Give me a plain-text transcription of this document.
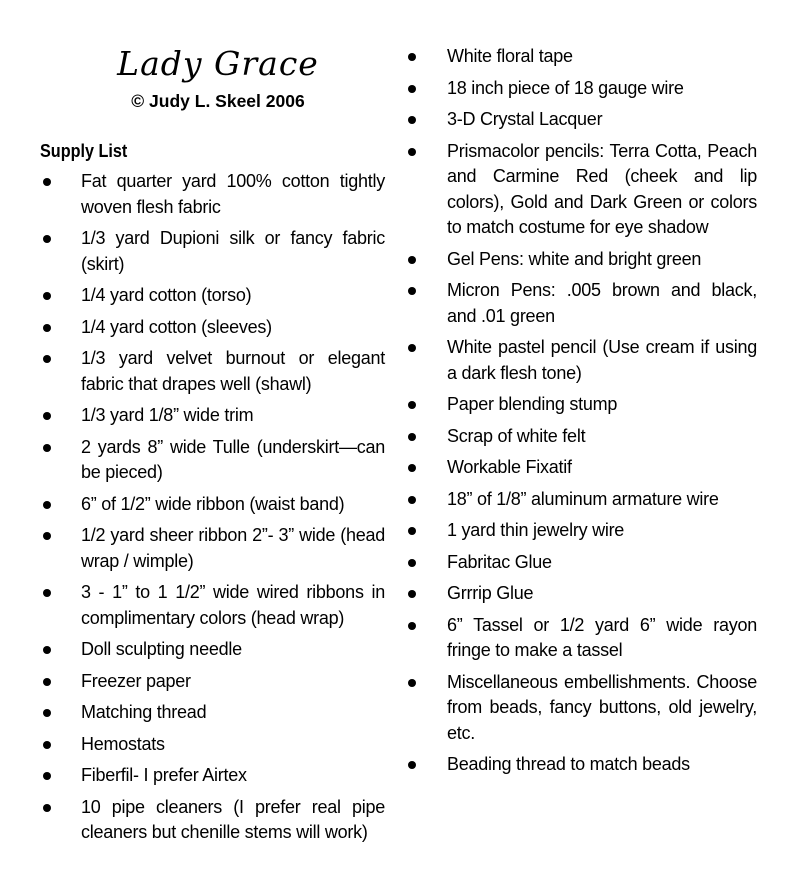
Lady Grace
© Judy L. Skeel 2006
Supply List
Fat quarter yard 100% cotton tightly woven flesh fabric
1/3 yard Dupioni silk or fancy fabric (skirt)
1/4 yard cotton (torso)
1/4 yard cotton (sleeves)
1/3 yard velvet burnout or elegant fabric that drapes well (shawl)
1/3 yard 1/8” wide trim
2 yards 8” wide Tulle (underskirt—can be pieced)
6” of 1/2” wide ribbon (waist band)
1/2 yard sheer ribbon 2”- 3” wide (head wrap / wimple)
3 - 1” to 1 1/2” wide wired ribbons in complimentary colors (head wrap)
Doll sculpting needle
Freezer paper
Matching thread
Hemostats
Fiberfil- I prefer Airtex
10 pipe cleaners (I prefer real pipe cleaners but chenille stems will work)
White floral tape
18 inch piece of 18 gauge wire
3-D Crystal Lacquer
Prismacolor pencils: Terra Cotta, Peach and Carmine Red (cheek and lip colors), Gold and Dark Green or colors to match costume for eye shadow
Gel Pens: white and bright green
Micron Pens: .005 brown and black, and .01 green
White pastel pencil (Use cream if using a dark flesh tone)
Paper blending stump
Scrap of white felt
Workable Fixatif
18” of 1/8” aluminum armature wire
1 yard thin jewelry wire
Fabritac Glue
Grrrip Glue
6” Tassel or 1/2 yard 6” wide rayon fringe to make a tassel
Miscellaneous embellishments. Choose from beads, fancy buttons, old jewelry, etc.
Beading thread to match beads
